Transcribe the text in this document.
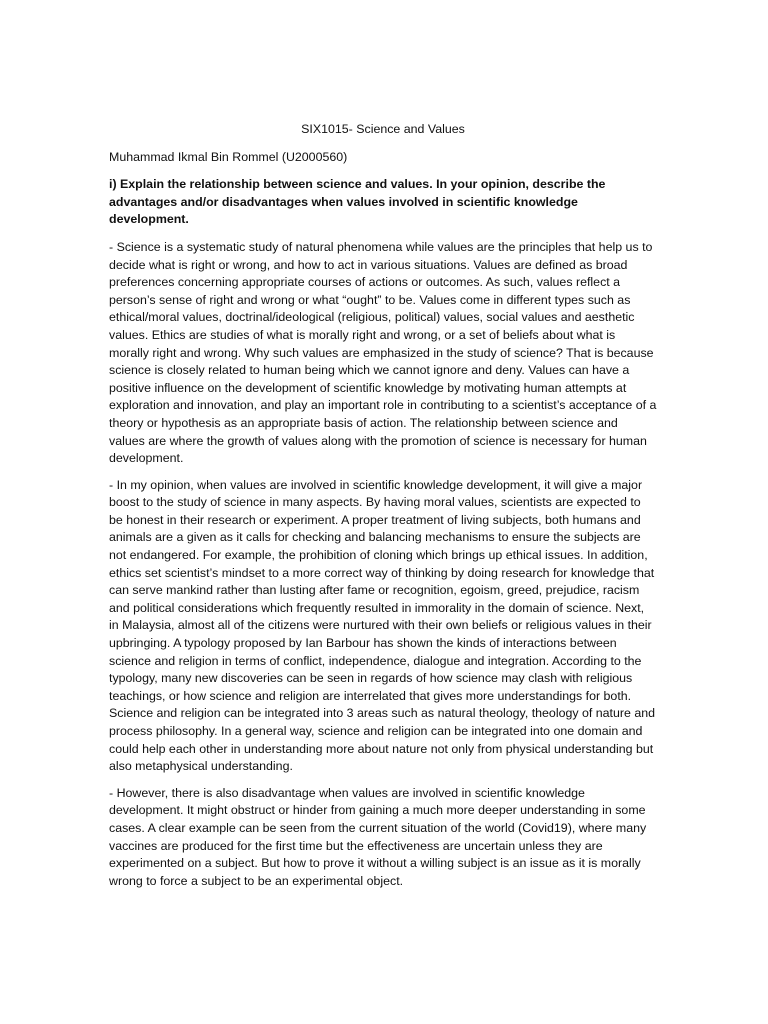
SIX1015- Science and Values
Muhammad Ikmal Bin Rommel (U2000560)
i) Explain the relationship between science and values. In your opinion, describe the advantages and/or disadvantages when values involved in scientific knowledge development.
- Science is a systematic study of natural phenomena while values are the principles that help us to decide what is right or wrong, and how to act in various situations. Values are defined as broad preferences concerning appropriate courses of actions or outcomes. As such, values reflect a person’s sense of right and wrong or what “ought” to be. Values come in different types such as ethical/moral values, doctrinal/ideological (religious, political) values, social values and aesthetic values. Ethics are studies of what is morally right and wrong, or a set of beliefs about what is morally right and wrong. Why such values are emphasized in the study of science? That is because science is closely related to human being which we cannot ignore and deny. Values can have a positive influence on the development of scientific knowledge by motivating human attempts at exploration and innovation, and play an important role in contributing to a scientist’s acceptance of a theory or hypothesis as an appropriate basis of action. The relationship between science and values are where the growth of values along with the promotion of science is necessary for human development.
- In my opinion, when values are involved in scientific knowledge development, it will give a major boost to the study of science in many aspects. By having moral values, scientists are expected to be honest in their research or experiment. A proper treatment of living subjects, both humans and animals are a given as it calls for checking and balancing mechanisms to ensure the subjects are not endangered. For example, the prohibition of cloning which brings up ethical issues. In addition, ethics set scientist’s mindset to a more correct way of thinking by doing research for knowledge that can serve mankind rather than lusting after fame or recognition, egoism, greed, prejudice, racism and political considerations which frequently resulted in immorality in the domain of science. Next, in Malaysia, almost all of the citizens were nurtured with their own beliefs or religious values in their upbringing. A typology proposed by Ian Barbour has shown the kinds of interactions between science and religion in terms of conflict, independence, dialogue and integration. According to the typology, many new discoveries can be seen in regards of how science may clash with religious teachings, or how science and religion are interrelated that gives more understandings for both. Science and religion can be integrated into 3 areas such as natural theology, theology of nature and process philosophy. In a general way, science and religion can be integrated into one domain and could help each other in understanding more about nature not only from physical understanding but also metaphysical understanding.
- However, there is also disadvantage when values are involved in scientific knowledge development. It might obstruct or hinder from gaining a much more deeper understanding in some cases. A clear example can be seen from the current situation of the world (Covid19), where many vaccines are produced for the first time but the effectiveness are uncertain unless they are experimented on a subject. But how to prove it without a willing subject is an issue as it is morally wrong to force a subject to be an experimental object.
